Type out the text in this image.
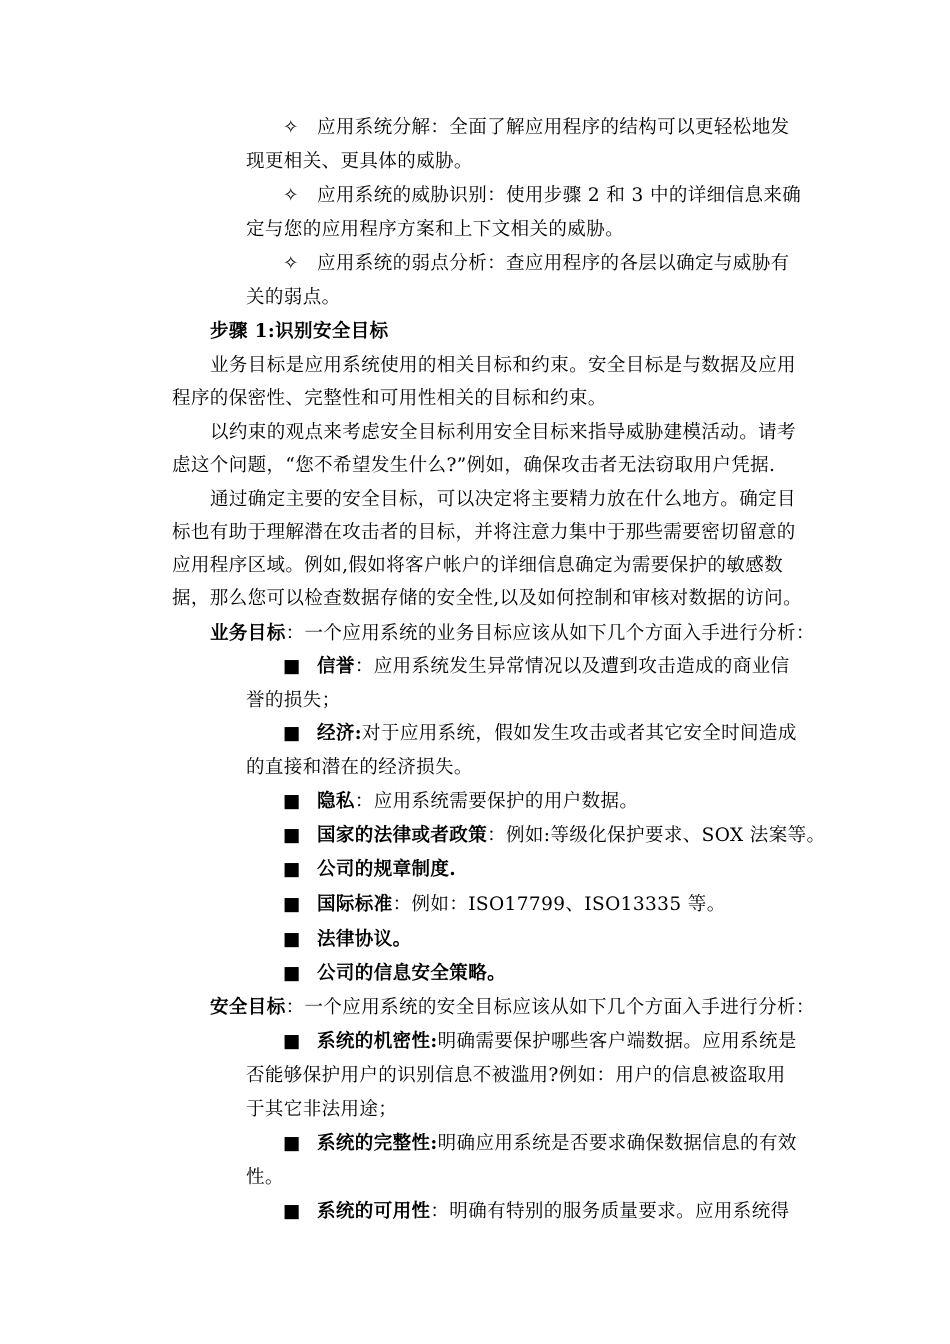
✧ 应用系统分解：全面了解应用程序的结构可以更轻松地发
现更相关、更具体的威胁。
✧ 应用系统的威胁识别：使用步骤 2 和 3 中的详细信息来确
定与您的应用程序方案和上下文相关的威胁。
✧ 应用系统的弱点分析：查应用程序的各层以确定与威胁有
关的弱点。
步骤 1:识别安全目标
业务目标是应用系统使用的相关目标和约束。安全目标是与数据及应用
程序的保密性、完整性和可用性相关的目标和约束。
以约束的观点来考虑安全目标利用安全目标来指导威胁建模活动。请考
虑这个问题，“您不希望发生什么?”例如，确保攻击者无法窃取用户凭据.
通过确定主要的安全目标，可以决定将主要精力放在什么地方。确定目
标也有助于理解潜在攻击者的目标，并将注意力集中于那些需要密切留意的
应用程序区域。例如,假如将客户帐户的详细信息确定为需要保护的敏感数
据，那么您可以检查数据存储的安全性,以及如何控制和审核对数据的访问。
业务目标：一个应用系统的业务目标应该从如下几个方面入手进行分析：
■ 信誉：应用系统发生异常情况以及遭到攻击造成的商业信
誉的损失；
■ 经济:对于应用系统，假如发生攻击或者其它安全时间造成
的直接和潜在的经济损失。
■ 隐私：应用系统需要保护的用户数据。
■ 国家的法律或者政策：例如:等级化保护要求、SOX 法案等。
■ 公司的规章制度.
■ 国际标准：例如：ISO17799、ISO13335 等。
■ 法律协议。
■ 公司的信息安全策略。
安全目标：一个应用系统的安全目标应该从如下几个方面入手进行分析：
■ 系统的机密性:明确需要保护哪些客户端数据。应用系统是
否能够保护用户的识别信息不被滥用?例如：用户的信息被盗取用
于其它非法用途；
■ 系统的完整性:明确应用系统是否要求确保数据信息的有效
性。
■ 系统的可用性：明确有特别的服务质量要求。应用系统得
